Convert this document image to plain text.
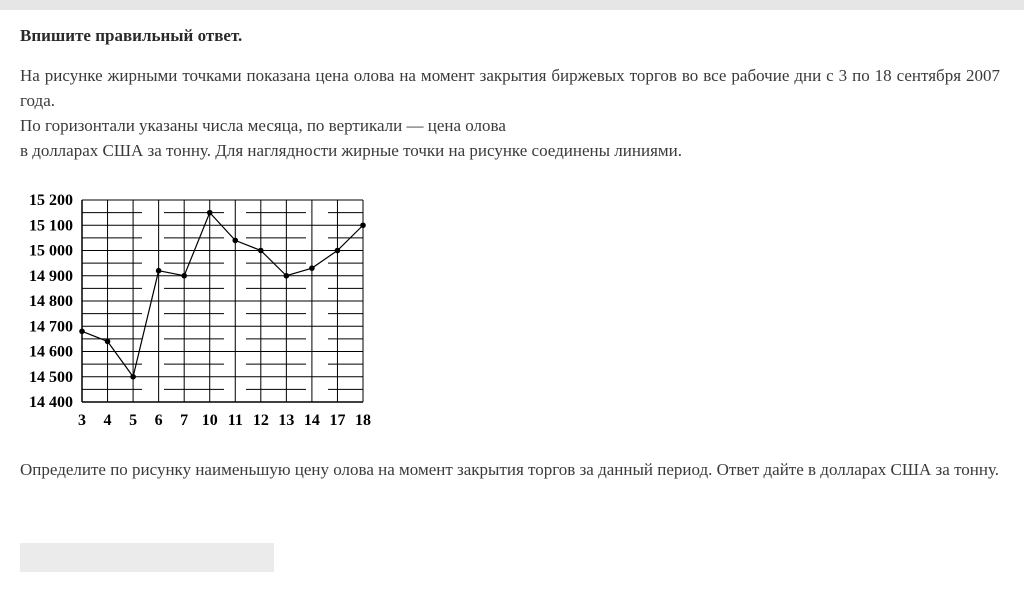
Впишите правильный ответ.

На рисунке жирными точками показана цена олова на момент закрытия биржевых торгов во все рабочие дни с 3 по 18 сентября 2007 года.

По горизонтали указаны числа месяца, по вертикали — цена олова

в долларах США за тонну. Для наглядности жирные точки на рисунке соединены линиями.

15 200
15 100
15 000
14 900
14 800
14 700
14 600
14 500
14 400
3 4 5 6 7 10 11 12 13 14 17 18

Определите по рисунку наименьшую цену олова на момент закрытия торгов за данный период. Ответ дайте в долларах США за тонну.
